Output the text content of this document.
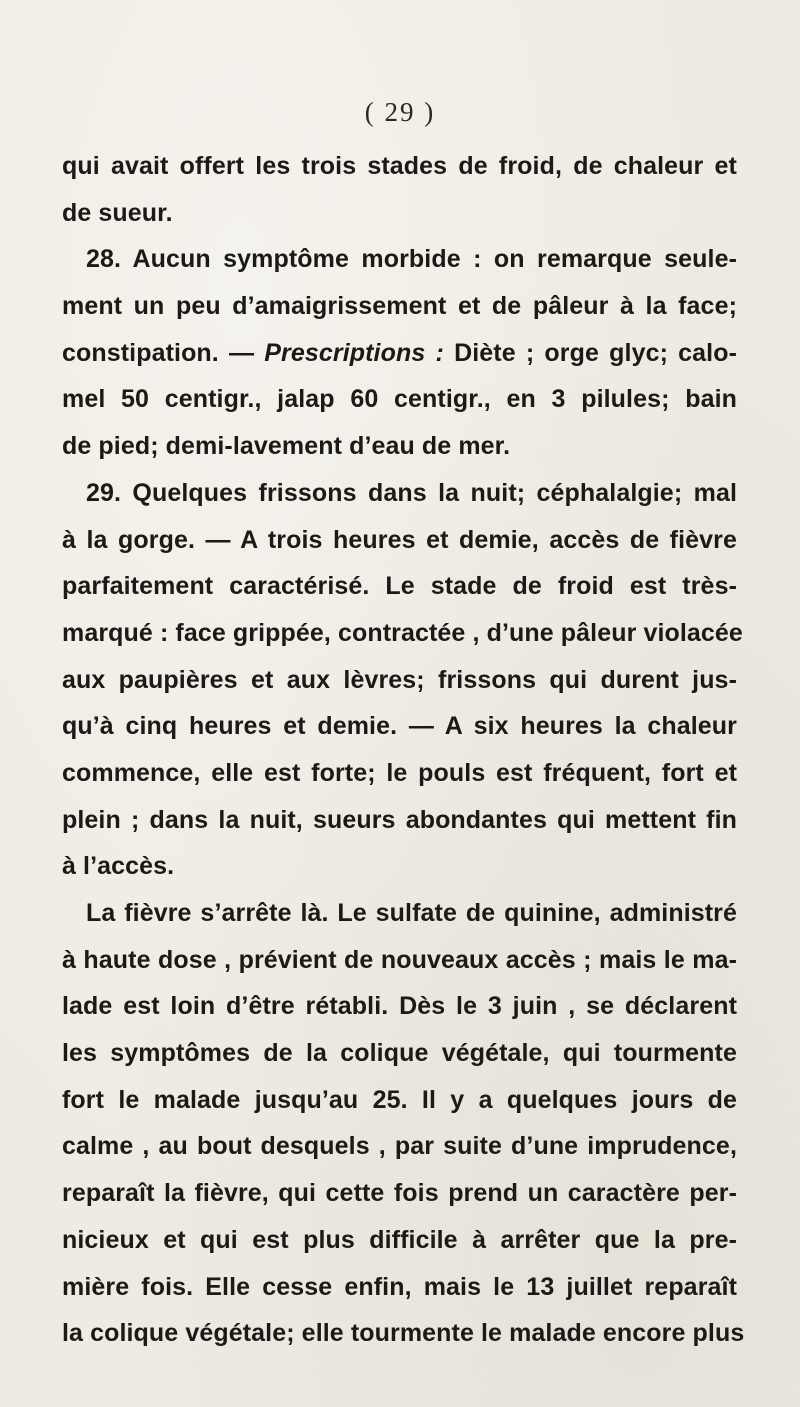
( 29 )
qui avait offert les trois stades de froid, de chaleur et
de sueur.
28. Aucun symptôme morbide : on remarque seule-
ment un peu d’amaigrissement et de pâleur à la face;
constipation. — Prescriptions : Diète ; orge glyc; calo-
mel 50 centigr., jalap 60 centigr., en 3 pilules; bain
de pied; demi-lavement d’eau de mer.
29. Quelques frissons dans la nuit; céphalalgie; mal
à la gorge. — A trois heures et demie, accès de fièvre
parfaitement caractérisé. Le stade de froid est très-
marqué : face grippée, contractée , d’une pâleur violacée
aux paupières et aux lèvres; frissons qui durent jus-
qu’à cinq heures et demie. — A six heures la chaleur
commence, elle est forte; le pouls est fréquent, fort et
plein ; dans la nuit, sueurs abondantes qui mettent fin
à l’accès.
La fièvre s’arrête là. Le sulfate de quinine, administré
à haute dose , prévient de nouveaux accès ; mais le ma-
lade est loin d’être rétabli. Dès le 3 juin , se déclarent
les symptômes de la colique végétale, qui tourmente
fort le malade jusqu’au 25. Il y a quelques jours de
calme , au bout desquels , par suite d’une imprudence,
reparaît la fièvre, qui cette fois prend un caractère per-
nicieux et qui est plus difficile à arrêter que la pre-
mière fois. Elle cesse enfin, mais le 13 juillet reparaît
la colique végétale; elle tourmente le malade encore plus
